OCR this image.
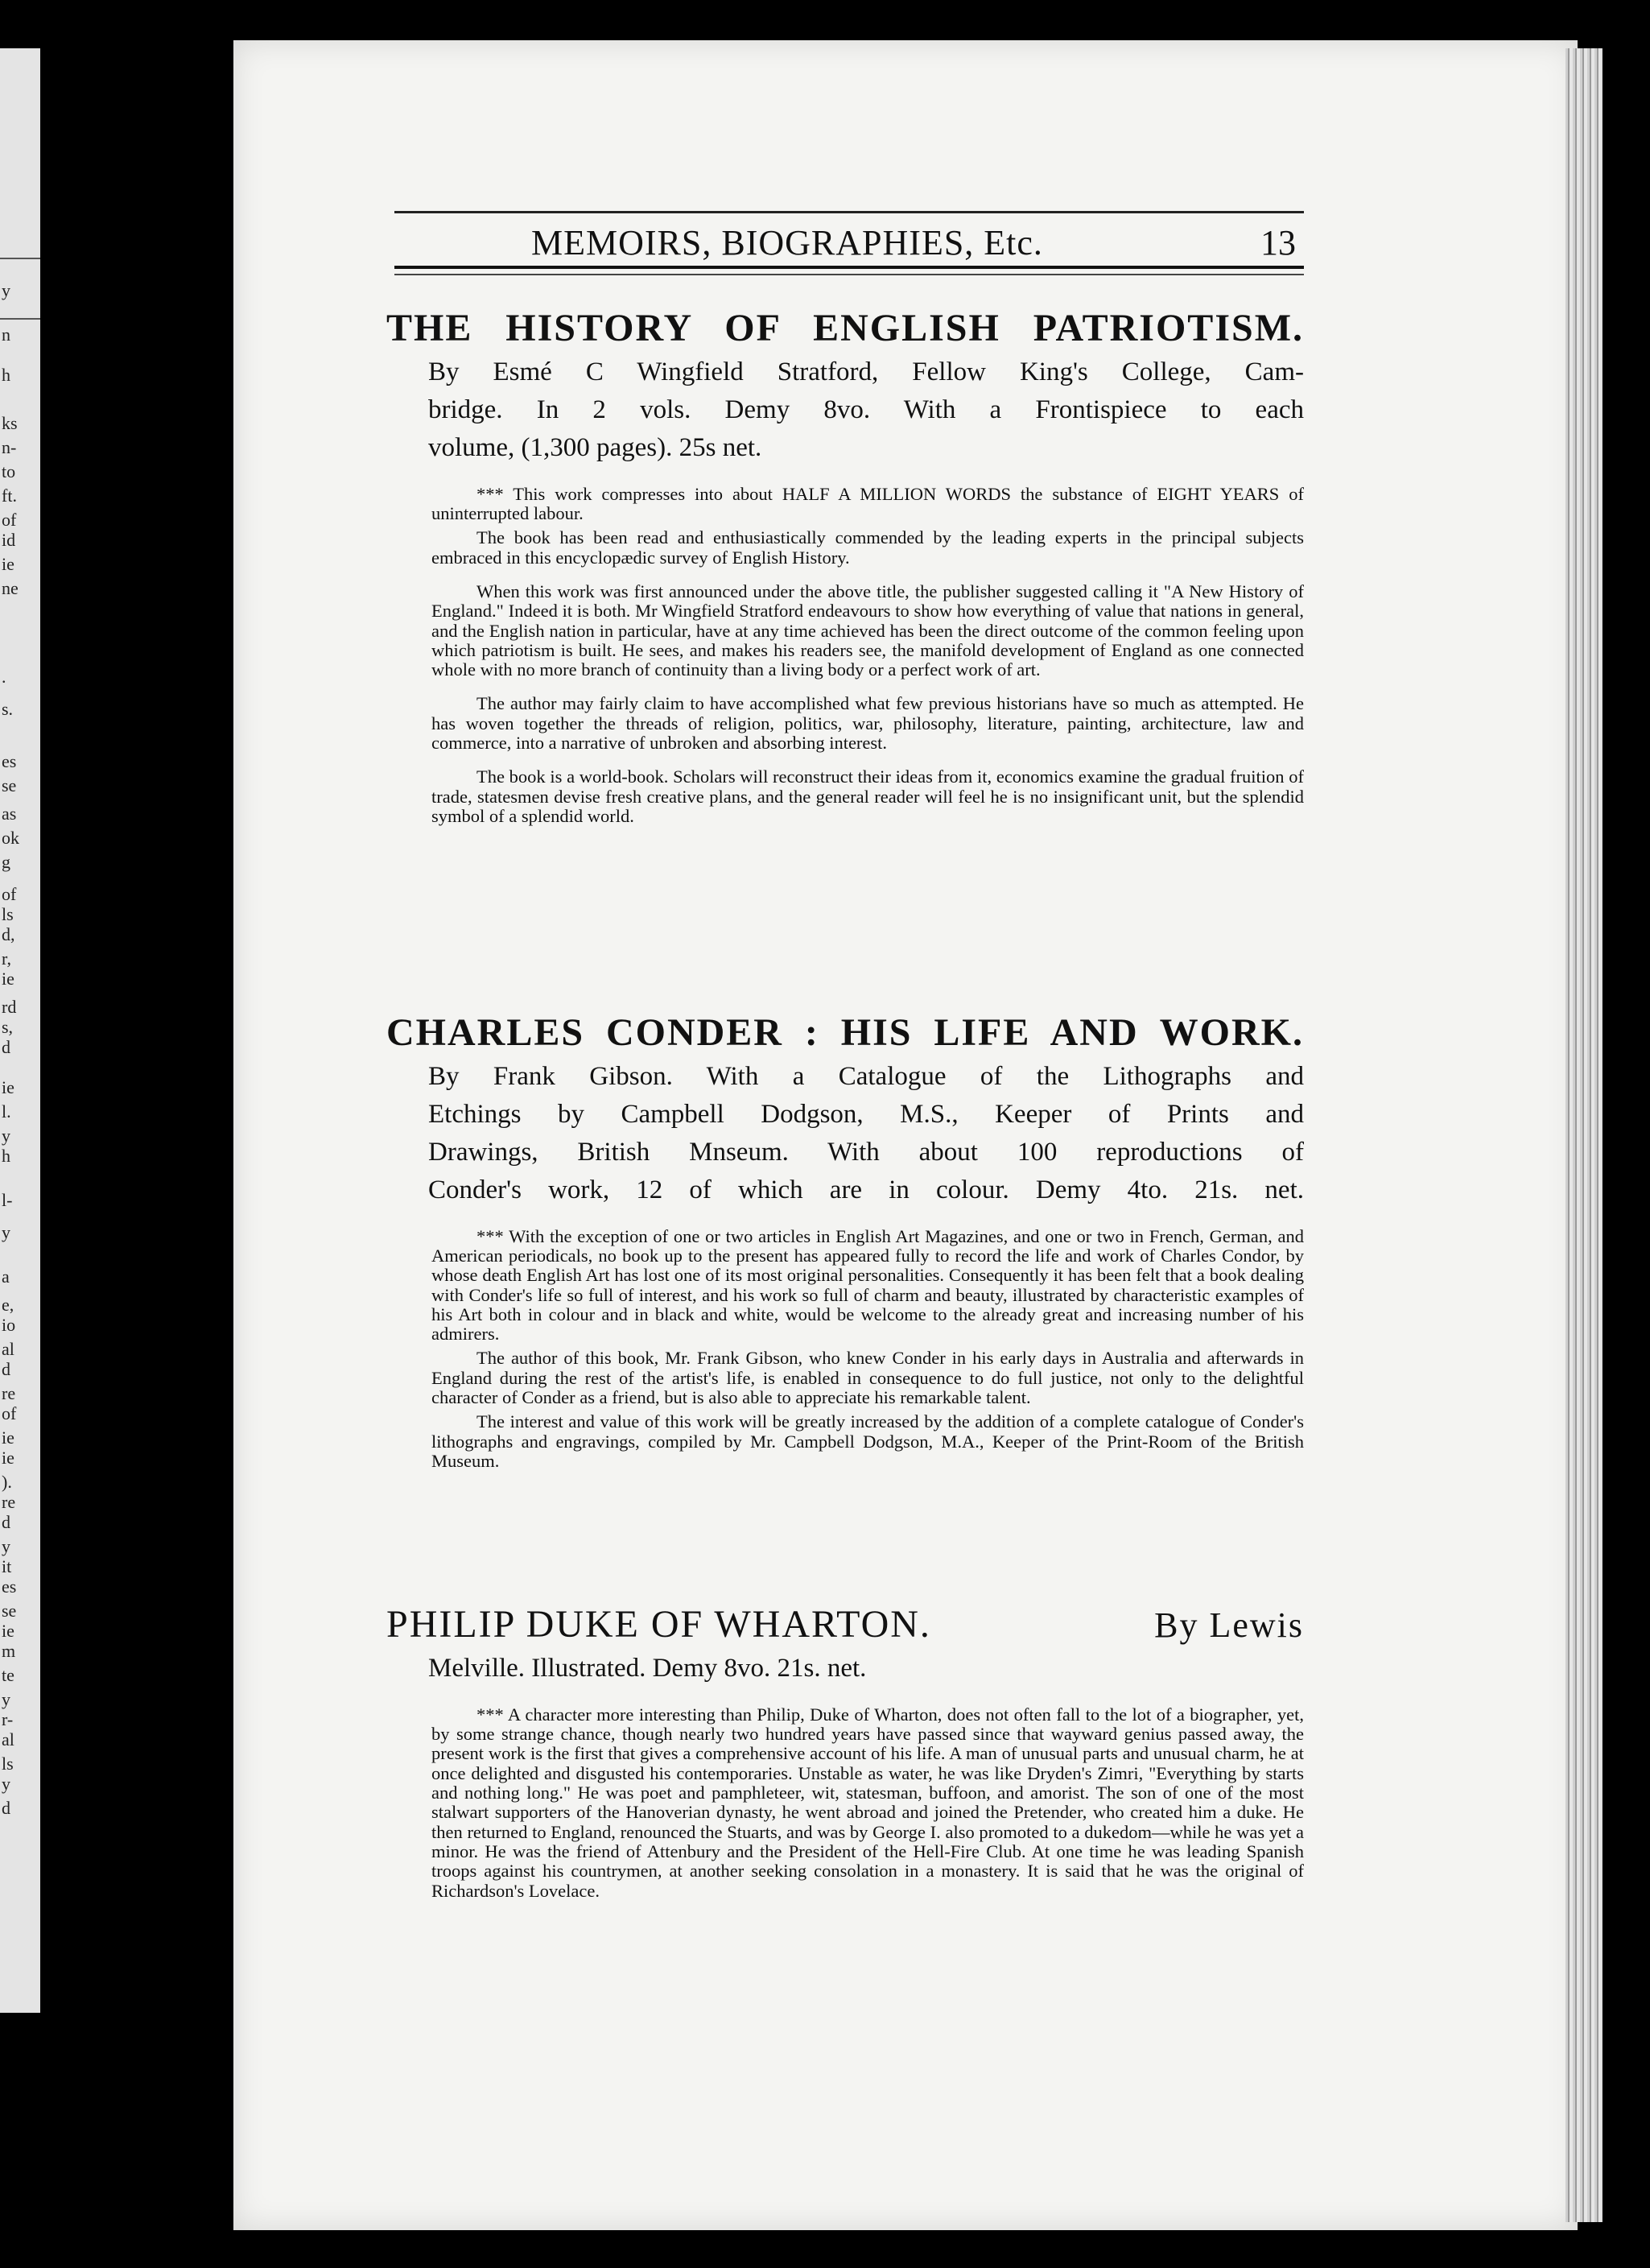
y
n
h
ks
n-
to
ft.
of
id
ie
ne
.
s.
es
se
as
ok
g
of
ls
d,
r,
ie
rd
s,
d
ie
l.
y
h
l-
y
a
e,
io
al
d
re
of
ie
ie
).
re
d
y
it
es
se
ie
m
te
y
r-
al
ls
y
d
MEMOIRS, BIOGRAPHIES, Etc.	13
THE HISTORY OF ENGLISH PATRIOTISM.
By Esmé C Wingfield Stratford, Fellow King's College, Cam-
bridge. In 2 vols. Demy 8vo. With a Frontispiece to each
volume, (1,300 pages). 25s net.

*** This work compresses into about HALF A MILLION WORDS the substance of EIGHT YEARS of uninterrupted labour.

The book has been read and enthusiastically commended by the leading experts in the principal subjects embraced in this encyclopædic survey of English History.

When this work was first announced under the above title, the publisher suggested calling it "A New History of England." Indeed it is both. Mr Wingfield Stratford endeavours to show how everything of value that nations in general, and the English nation in particular, have at any time achieved has been the direct outcome of the common feeling upon which patriotism is built. He sees, and makes his readers see, the manifold development of England as one connected whole with no more branch of continuity than a living body or a perfect work of art.

The author may fairly claim to have accomplished what few previous historians have so much as attempted. He has woven together the threads of religion, politics, war, philosophy, literature, painting, architecture, law and commerce, into a narrative of unbroken and absorbing interest.

The book is a world-book. Scholars will reconstruct their ideas from it, economics examine the gradual fruition of trade, statesmen devise fresh creative plans, and the general reader will feel he is no insignificant unit, but the splendid symbol of a splendid world.

CHARLES CONDER : HIS LIFE AND WORK.
By Frank Gibson. With a Catalogue of the Lithographs and
Etchings by Campbell Dodgson, M.S., Keeper of Prints and
Drawings, British Mnseum. With about 100 reproductions of
Conder's work, 12 of which are in colour. Demy 4to. 21s. net.

*** With the exception of one or two articles in English Art Magazines, and one or two in French, German, and American periodicals, no book up to the present has appeared fully to record the life and work of Charles Condor, by whose death English Art has lost one of its most original personalities. Consequently it has been felt that a book dealing with Conder's life so full of interest, and his work so full of charm and beauty, illustrated by characteristic examples of his Art both in colour and in black and white, would be welcome to the already great and increasing number of his admirers.

The author of this book, Mr. Frank Gibson, who knew Conder in his early days in Australia and afterwards in England during the rest of the artist's life, is enabled in consequence to do full justice, not only to the delightful character of Conder as a friend, but is also able to appreciate his remarkable talent.

The interest and value of this work will be greatly increased by the addition of a complete catalogue of Conder's lithographs and engravings, compiled by Mr. Campbell Dodgson, M.A., Keeper of the Print-Room of the British Museum.

PHILIP DUKE OF WHARTON.	By Lewis
Melville. Illustrated. Demy 8vo. 21s. net.

*** A character more interesting than Philip, Duke of Wharton, does not often fall to the lot of a biographer, yet, by some strange chance, though nearly two hundred years have passed since that wayward genius passed away, the present work is the first that gives a comprehensive account of his life. A man of unusual parts and unusual charm, he at once delighted and disgusted his contemporaries. Unstable as water, he was like Dryden's Zimri, "Everything by starts and nothing long." He was poet and pamphleteer, wit, statesman, buffoon, and amorist. The son of one of the most stalwart supporters of the Hanoverian dynasty, he went abroad and joined the Pretender, who created him a duke. He then returned to England, renounced the Stuarts, and was by George I. also promoted to a dukedom—while he was yet a minor. He was the friend of Attenbury and the President of the Hell-Fire Club. At one time he was leading Spanish troops against his countrymen, at another seeking consolation in a monastery. It is said that he was the original of Richardson's Lovelace.
